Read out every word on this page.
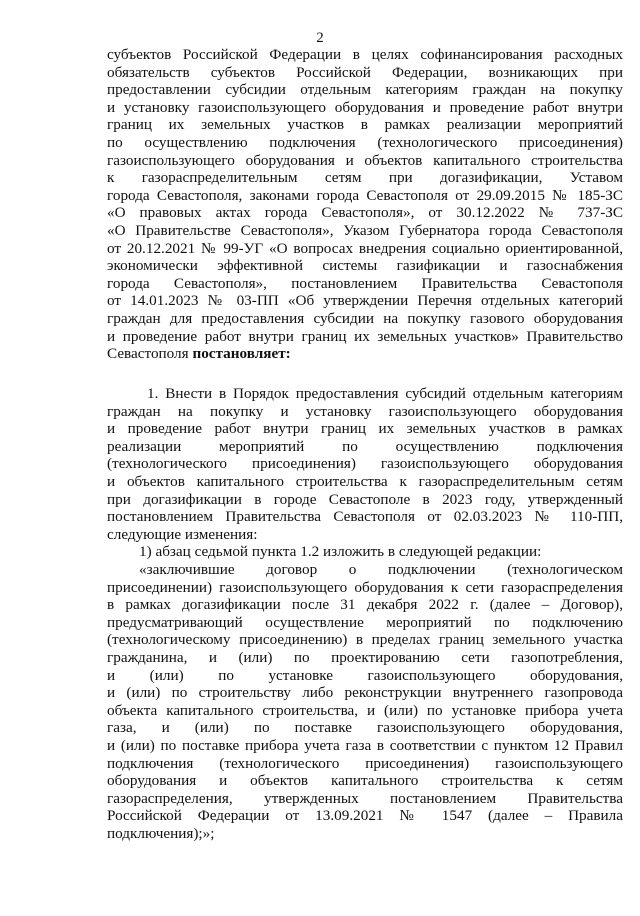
2
субъектов Российской Федерации в целях софинансирования расходных
обязательств субъектов Российской Федерации, возникающих при
предоставлении субсидии отдельным категориям граждан на покупку
и установку газоиспользующего оборудования и проведение работ внутри
границ их земельных участков в рамках реализации мероприятий
по осуществлению подключения (технологического присоединения)
газоиспользующего оборудования и объектов капитального строительства
к газораспределительным сетям при догазификации, Уставом
города Севастополя, законами города Севастополя от 29.09.2015 № 185-ЗС
«О правовых актах города Севастополя», от 30.12.2022 № 737-ЗС
«О Правительстве Севастополя», Указом Губернатора города Севастополя
от 20.12.2021 № 99-УГ «О вопросах внедрения социально ориентированной,
экономически эффективной системы газификации и газоснабжения
города Севастополя», постановлением Правительства Севастополя
от 14.01.2023 № 03-ПП «Об утверждении Перечня отдельных категорий
граждан для предоставления субсидии на покупку газового оборудования
и проведение работ внутри границ их земельных участков» Правительство
Севастополя постановляет:
1. Внести в Порядок предоставления субсидий отдельным категориям
граждан на покупку и установку газоиспользующего оборудования
и проведение работ внутри границ их земельных участков в рамках
реализации мероприятий по осуществлению подключения
(технологического присоединения) газоиспользующего оборудования
и объектов капитального строительства к газораспределительным сетям
при догазификации в городе Севастополе в 2023 году, утвержденный
постановлением Правительства Севастополя от 02.03.2023 № 110-ПП,
следующие изменения:
1) абзац седьмой пункта 1.2 изложить в следующей редакции:
«заключившие договор о подключении (технологическом
присоединении) газоиспользующего оборудования к сети газораспределения
в рамках догазификации после 31 декабря 2022 г. (далее – Договор),
предусматривающий осуществление мероприятий по подключению
(технологическому присоединению) в пределах границ земельного участка
гражданина, и (или) по проектированию сети газопотребления,
и (или) по установке газоиспользующего оборудования,
и (или) по строительству либо реконструкции внутреннего газопровода
объекта капитального строительства, и (или) по установке прибора учета
газа, и (или) по поставке газоиспользующего оборудования,
и (или) по поставке прибора учета газа в соответствии с пунктом 12 Правил
подключения (технологического присоединения) газоиспользующего
оборудования и объектов капитального строительства к сетям
газораспределения, утвержденных постановлением Правительства
Российской Федерации от 13.09.2021 № 1547 (далее – Правила
подключения);»;
